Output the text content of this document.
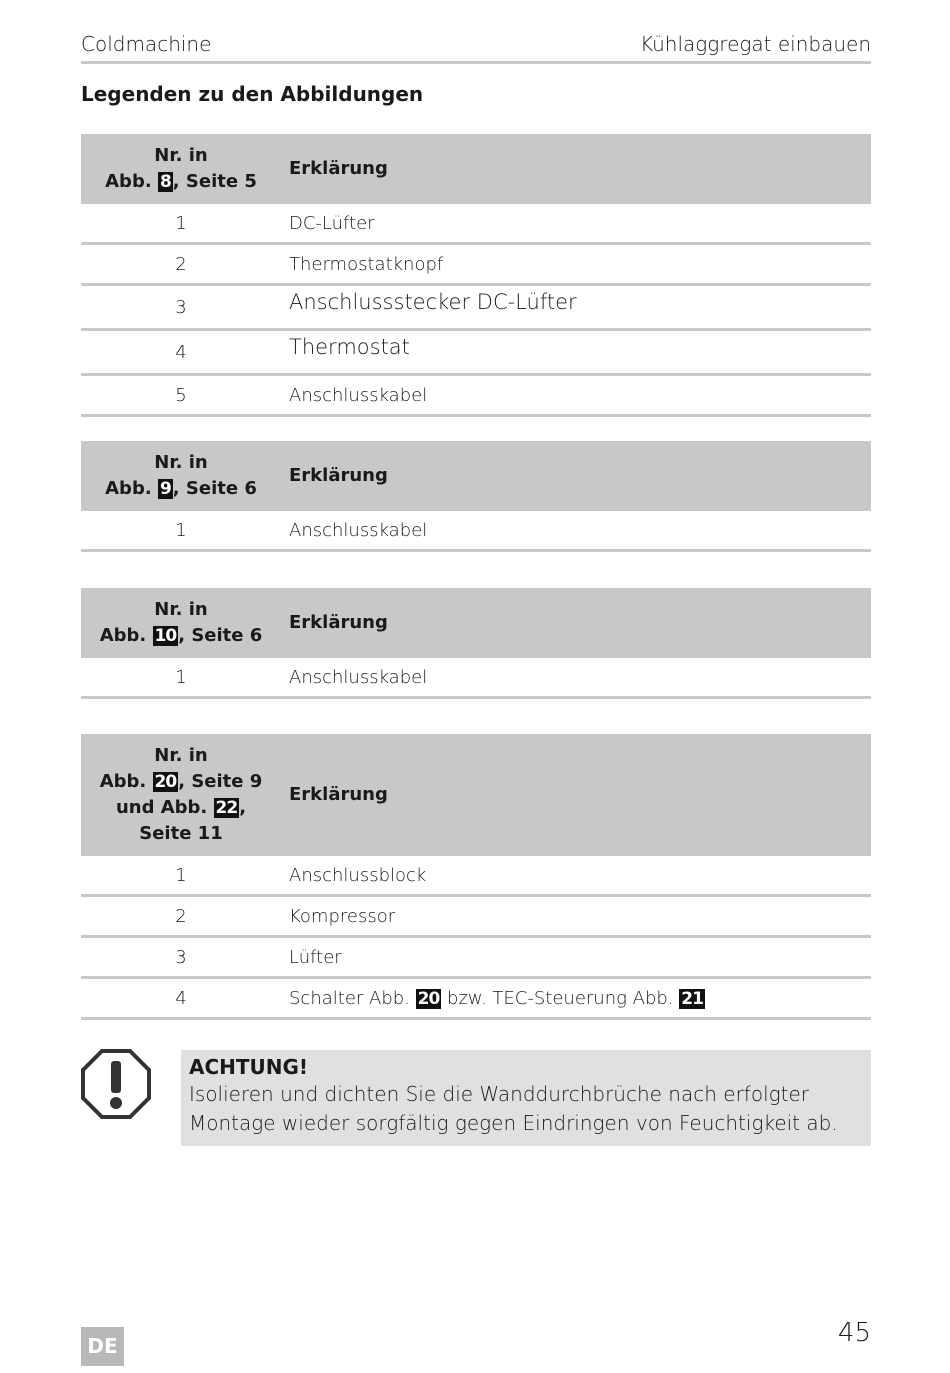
Coldmachine	Kühlaggregat einbauen
Legenden zu den Abbildungen
Nr. in
Abb. 8 , Seite 5	Erklärung
1	DC-Lüfter
2	Thermostatknopf
3	Anschlussstecker DC-Lüfter
4	Thermostat
5	Anschlusskabel
Nr. in
Abb. 9 , Seite 6	Erklärung
1	Anschlusskabel
Nr. in
Abb. 10 , Seite 6	Erklärung
1	Anschlusskabel
Nr. in
Abb. 20 , Seite 9
und Abb. 22 ,
Seite 11	Erklärung
1	Anschlussblock
2	Kompressor
3	Lüfter
4	Schalter Abb. 20 bzw. TEC-Steuerung Abb. 21
ACHTUNG!
Isolieren und dichten Sie die Wanddurchbrüche nach erfolgter
Montage wieder sorgfältig gegen Eindringen von Feuchtigkeit ab.
DE	45
